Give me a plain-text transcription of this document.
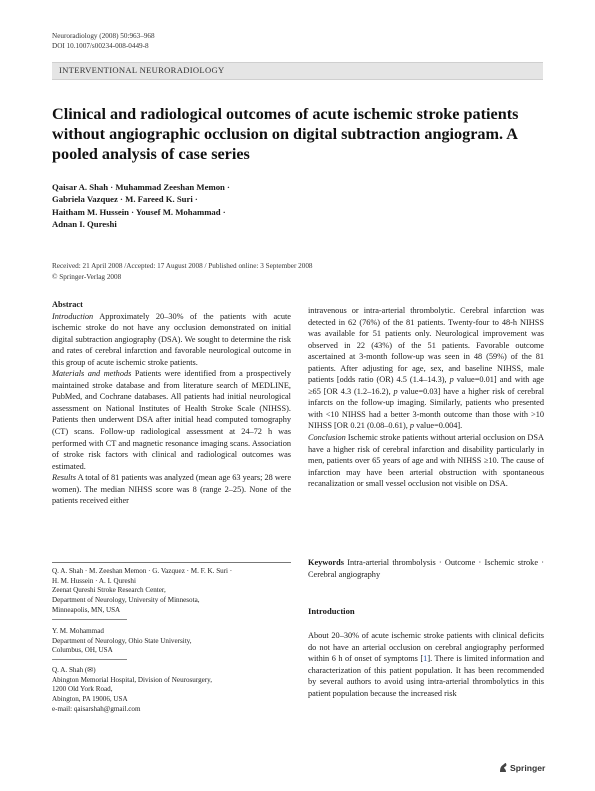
Neuroradiology (2008) 50:963–968
DOI 10.1007/s00234-008-0449-8
INTERVENTIONAL NEURORADIOLOGY
Clinical and radiological outcomes of acute ischemic stroke patients without angiographic occlusion on digital subtraction angiogram. A pooled analysis of case series
Qaisar A. Shah · Muhammad Zeeshan Memon ·
Gabriela Vazquez · M. Fareed K. Suri ·
Haitham M. Hussein · Yousef M. Mohammad ·
Adnan I. Qureshi
Received: 21 April 2008 /Accepted: 17 August 2008 / Published online: 3 September 2008
© Springer-Verlag 2008

Abstract

Introduction Approximately 20–30% of the patients with acute ischemic stroke do not have any occlusion demonstrated on initial digital subtraction angiography (DSA). We sought to determine the risk and rates of cerebral infarction and favorable neurological outcome in this group of acute ischemic stroke patients.

Materials and methods Patients were identified from a prospectively maintained stroke database and from literature search of MEDLINE, PubMed, and Cochrane databases. All patients had initial neurological assessment on National Institutes of Health Stroke Scale (NIHSS). Patients then underwent DSA after initial head computed tomography (CT) scans. Follow-up radiological assessment at 24–72 h was performed with CT and magnetic resonance imaging scans. Association of stroke risk factors with clinical and radiological outcomes was estimated.

Results A total of 81 patients was analyzed (mean age 63 years; 28 were women). The median NIHSS score was 8 (range 2–25). None of the patients received either

Q. A. Shah · M. Zeeshan Memon · G. Vazquez · M. F. K. Suri ·
H. M. Hussein · A. I. Qureshi
Zeenat Qureshi Stroke Research Center,
Department of Neurology, University of Minnesota,
Minneapolis, MN, USA
Y. M. Mohammad
Department of Neurology, Ohio State University,
Columbus, OH, USA
Q. A. Shah (✉)
Abington Memorial Hospital, Division of Neurosurgery,
1200 Old York Road,
Abington, PA 19006, USA
e-mail: qaisarshah@gmail.com

intravenous or intra-arterial thrombolytic. Cerebral infarction was detected in 62 (76%) of the 81 patients. Twenty-four to 48-h NIHSS was available for 51 patients only. Neurological improvement was observed in 22 (43%) of the 51 patients. Favorable outcome ascertained at 3-month follow-up was seen in 48 (59%) of the 81 patients. After adjusting for age, sex, and baseline NIHSS, male patients [odds ratio (OR) 4.5 (1.4–14.3), p value=0.01] and with age ≥65 [OR 4.3 (1.2–16.2), p value=0.03] have a higher risk of cerebral infarcts on the follow-up imaging. Similarly, patients who presented with <10 NIHSS had a better 3-month outcome than those with >10 NIHSS [OR 0.21 (0.08–0.61), p value=0.004].

Conclusion Ischemic stroke patients without arterial occlusion on DSA have a higher risk of cerebral infarction and disability particularly in men, patients over 65 years of age and with NIHSS ≥10. The cause of infarction may have been arterial obstruction with spontaneous recanalization or small vessel occlusion not visible on DSA.

Keywords Intra-arterial thrombolysis · Outcome · Ischemic stroke · Cerebral angiography
Introduction
About 20–30% of acute ischemic stroke patients with clinical deficits do not have an arterial occlusion on cerebral angiography performed within 6 h of onset of symptoms [1]. There is limited information and characterization of this patient population. It has been recommended by several authors to avoid using intra-arterial thrombolytics in this patient population because the increased risk
Springer
